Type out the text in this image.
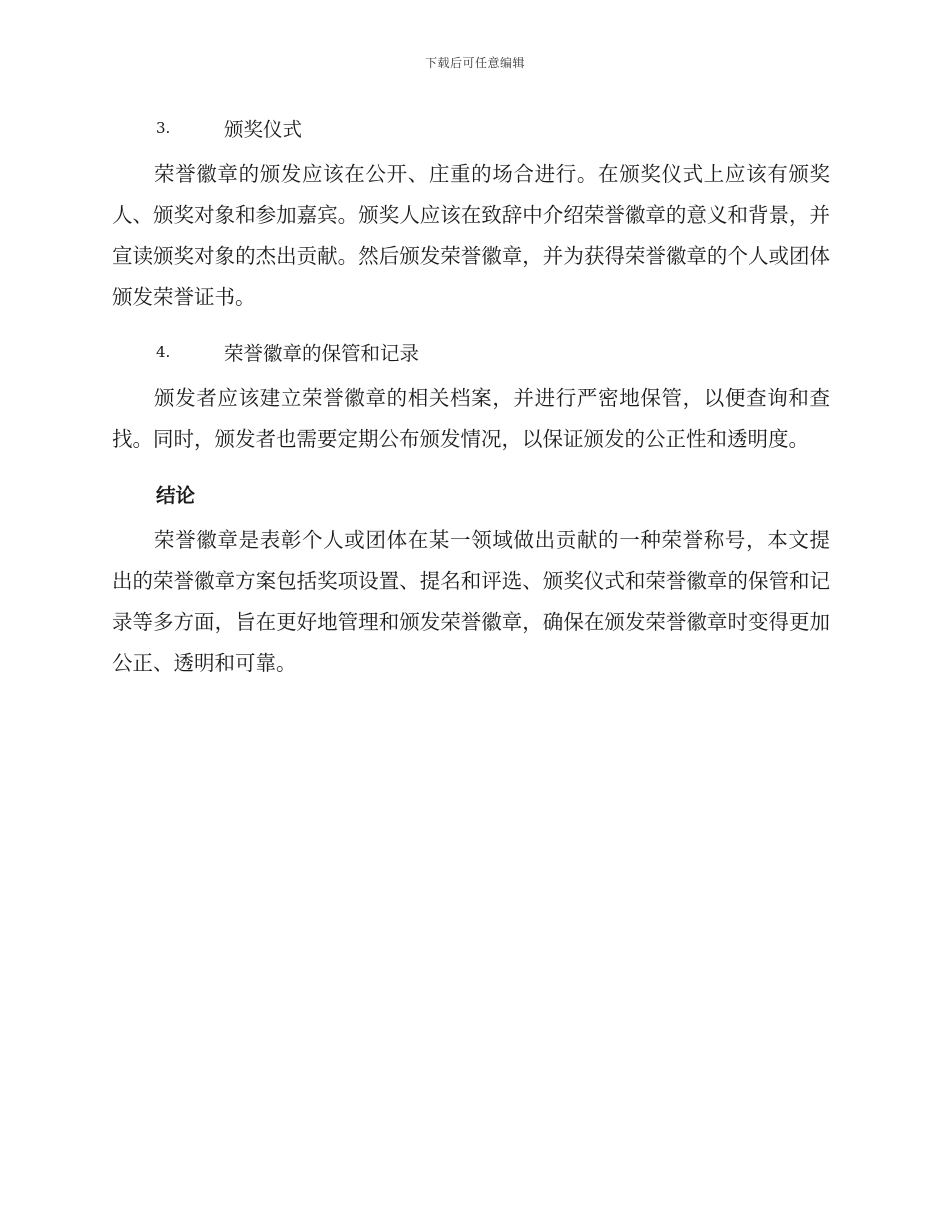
下载后可任意编辑
3.	颁奖仪式

荣誉徽章的颁发应该在公开、庄重的场合进行。在颁奖仪式上应该有颁奖人、颁奖对象和参加嘉宾。颁奖人应该在致辞中介绍荣誉徽章的意义和背景，并宣读颁奖对象的杰出贡献。然后颁发荣誉徽章，并为获得荣誉徽章的个人或团体颁发荣誉证书。

4.	荣誉徽章的保管和记录

颁发者应该建立荣誉徽章的相关档案，并进行严密地保管，以便查询和查找。同时，颁发者也需要定期公布颁发情况，以保证颁发的公正性和透明度。

结论

荣誉徽章是表彰个人或团体在某一领域做出贡献的一种荣誉称号，本文提出的荣誉徽章方案包括奖项设置、提名和评选、颁奖仪式和荣誉徽章的保管和记录等多方面，旨在更好地管理和颁发荣誉徽章，确保在颁发荣誉徽章时变得更加公正、透明和可靠。
